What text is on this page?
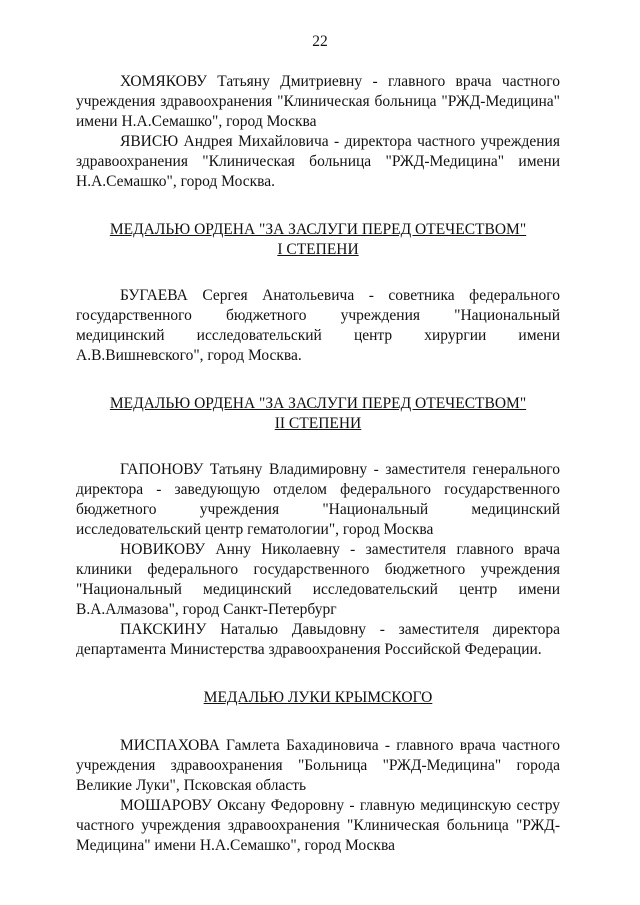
22

ХОМЯКОВУ Татьяну Дмитриевну - главного врача частного учреждения здравоохранения "Клиническая больница "РЖД-Медицина" имени Н.А.Семашко", город Москва

ЯВИСЮ Андрея Михайловича - директора частного учреждения здравоохранения "Клиническая больница "РЖД-Медицина" имени Н.А.Семашко", город Москва.

МЕДАЛЬЮ ОРДЕНА "ЗА ЗАСЛУГИ ПЕРЕД ОТЕЧЕСТВОМ"
I СТЕПЕНИ

БУГАЕВА Сергея Анатольевича - советника федерального государственного бюджетного учреждения "Национальный медицинский исследовательский центр хирургии имени А.В.Вишневского", город Москва.

МЕДАЛЬЮ ОРДЕНА "ЗА ЗАСЛУГИ ПЕРЕД ОТЕЧЕСТВОМ"
II СТЕПЕНИ

ГАПОНОВУ Татьяну Владимировну - заместителя генерального директора - заведующую отделом федерального государственного бюджетного учреждения "Национальный медицинский исследовательский центр гематологии", город Москва

НОВИКОВУ Анну Николаевну - заместителя главного врача клиники федерального государственного бюджетного учреждения "Национальный медицинский исследовательский центр имени В.А.Алмазова", город Санкт-Петербург

ПАКСКИНУ Наталью Давыдовну - заместителя директора департамента Министерства здравоохранения Российской Федерации.

МЕДАЛЬЮ ЛУКИ КРЫМСКОГО

МИСПАХОВА Гамлета Бахадиновича - главного врача частного учреждения здравоохранения "Больница "РЖД-Медицина" города Великие Луки", Псковская область

МОШАРОВУ Оксану Федоровну - главную медицинскую сестру частного учреждения здравоохранения "Клиническая больница "РЖД-Медицина" имени Н.А.Семашко", город Москва
